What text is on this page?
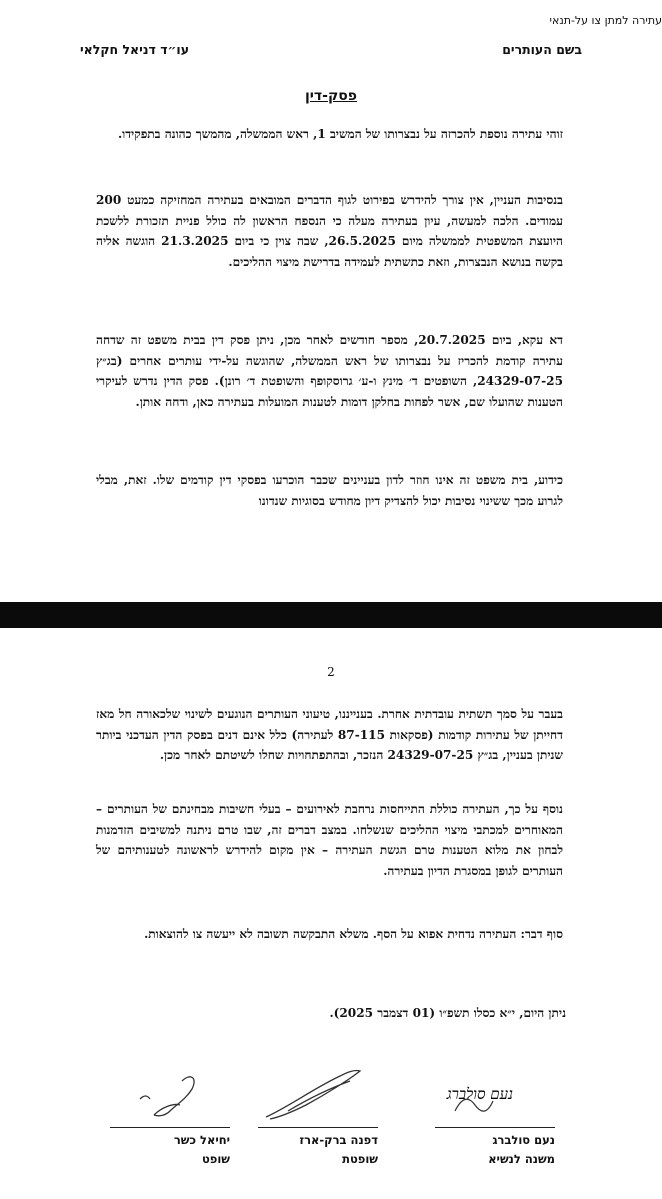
עתירה למתן צו על-תנאי
בשם העותרים
עו״ד דניאל חקלאי
פסק-דין

זוהי עתירה נוספת להכרזה על נבצרותו של המשיב 1, ראש הממשלה, מהמשך כהונה בתפקידו.

בנסיבות העניין, אין צורך להידרש בפירוט לגוף הדברים המובאים בעתירה המחזיקה כמעט 200 עמודים. הלכה למעשה, עיון בעתירה מעלה כי הנספח הראשון לה כולל פניית תזכורת ללשכת היועצת המשפטית לממשלה מיום 26.5.2025, שבה צוין כי ביום 21.3.2025 הוגשה אליה בקשה בנושא הנבצרות, וזאת כתשתית לעמידה בדרישת מיצוי ההליכים.

דא עקא, ביום 20.7.2025, מספר חודשים לאחר מכן, ניתן פסק דין בבית משפט זה שדחה עתירה קודמת להכריז על נבצרותו של ראש הממשלה, שהוגשה על-ידי עותרים אחרים (בג״ץ 24329-07-25, השופטים ד׳ מינץ ו-ע׳ גרוסקופף והשופטת ד׳ רונן). פסק הדין נדרש לעיקרי הטענות שהועלו שם, אשר לפחות בחלקן דומות לטענות המועלות בעתירה כאן, ודחה אותן.

כידוע, בית משפט זה אינו חוזר לדון בעניינים שכבר הוכרעו בפסקי דין קודמים שלו. זאת, מבלי לגרוע מכך ששינוי נסיבות יכול להצדיק דיון מחודש בסוגיות שנדונו

2

בעבר על סמך תשתית עובדתית אחרת. בענייננו, טיעוני העותרים הנוגעים לשינוי שלכאורה חל מאז דחייתן של עתירות קודמות (פסקאות 87-115 לעתירה) כלל אינם דנים בפסק הדין העדכני ביותר שניתן בעניין, בג״ץ 24329-07-25 הנזכר, ובהתפתחויות שחלו לשיטתם לאחר מכן.

נוסף על כך, העתירה כוללת התייחסות נרחבת לאירועים – בעלי חשיבות מבחינתם של העותרים – המאוחרים למכתבי מיצוי ההליכים שנשלחו. במצב דברים זה, שבו טרם ניתנה למשיבים הזדמנות לבחון את מלוא הטענות טרם הגשת העתירה – אין מקום להידרש לראשונה לטענותיהם של העותרים לגופן במסגרת הדיון בעתירה.

סוף דבר: העתירה נדחית אפוא על הסף. משלא התבקשה תשובה לא ייעשה צו להוצאות.

ניתן היום, י״א כסלו תשפ״ו (01 דצמבר 2025).

נעם סולברג
נעם סולברג
משנה לנשיא
דפנה ברק-ארז
שופטת
יחיאל כשר
שופט
